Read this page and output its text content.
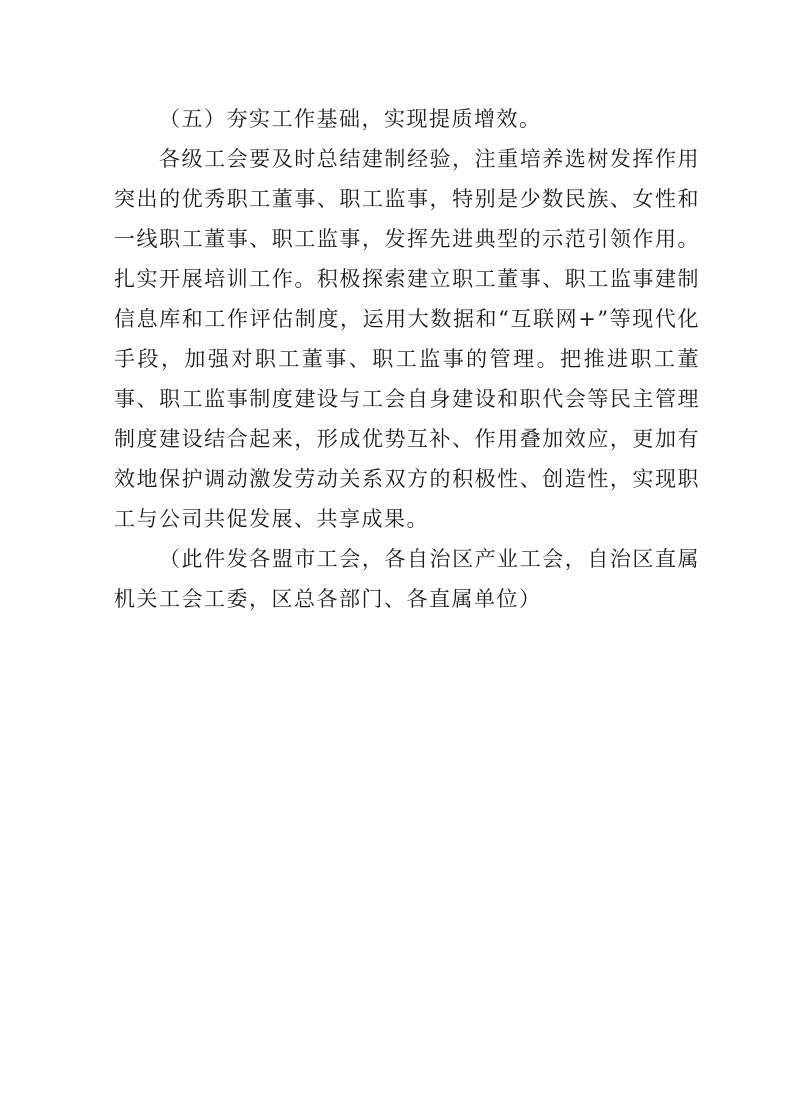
（五）夯实工作基础，实现提质增效。

各级工会要及时总结建制经验，注重培养选树发挥作用突出的优秀职工董事、职工监事，特别是少数民族、女性和一线职工董事、职工监事，发挥先进典型的示范引领作用。扎实开展培训工作。积极探索建立职工董事、职工监事建制信息库和工作评估制度，运用大数据和“互联网+”等现代化手段，加强对职工董事、职工监事的管理。把推进职工董事、职工监事制度建设与工会自身建设和职代会等民主管理制度建设结合起来，形成优势互补、作用叠加效应，更加有效地保护调动激发劳动关系双方的积极性、创造性，实现职工与公司共促发展、共享成果。

（此件发各盟市工会，各自治区产业工会，自治区直属机关工会工委，区总各部门、各直属单位）
